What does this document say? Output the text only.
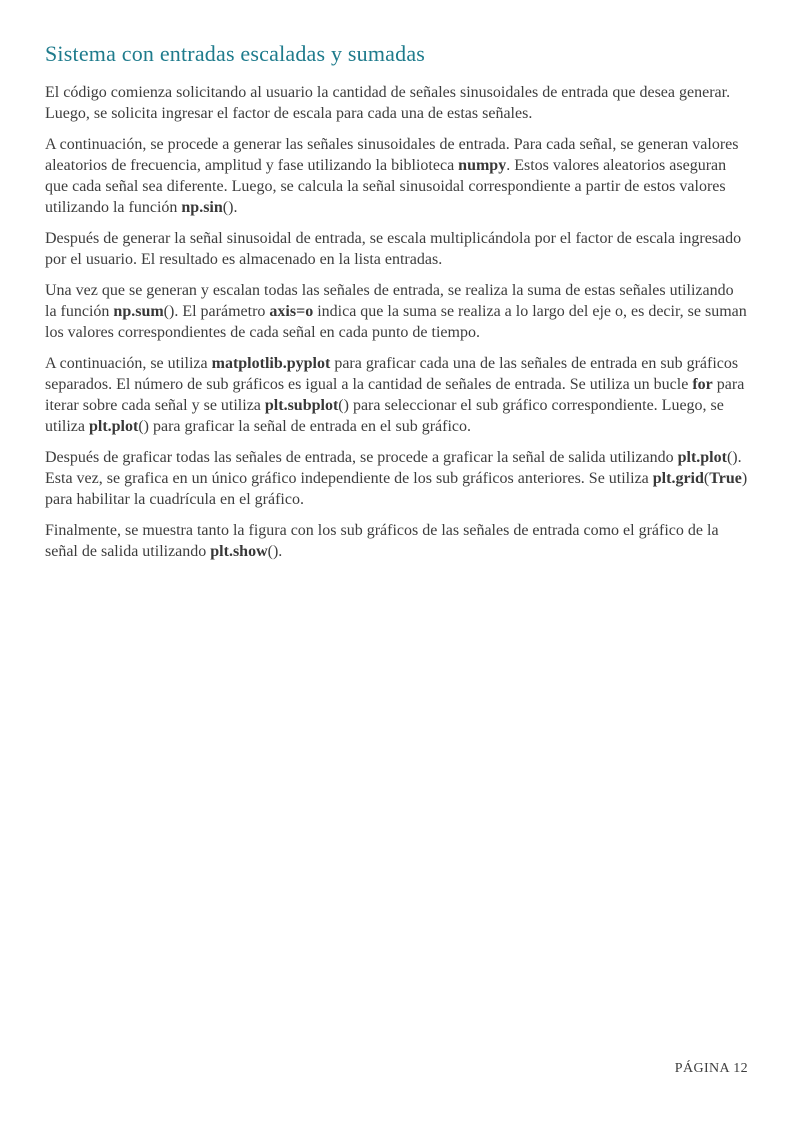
Sistema con entradas escaladas y sumadas

El código comienza solicitando al usuario la cantidad de señales sinusoidales de entrada que desea generar. Luego, se solicita ingresar el factor de escala para cada una de estas señales.

A continuación, se procede a generar las señales sinusoidales de entrada. Para cada señal, se generan valores aleatorios de frecuencia, amplitud y fase utilizando la biblioteca numpy. Estos valores aleatorios aseguran que cada señal sea diferente. Luego, se calcula la señal sinusoidal correspondiente a partir de estos valores utilizando la función np.sin().

Después de generar la señal sinusoidal de entrada, se escala multiplicándola por el factor de escala ingresado por el usuario. El resultado es almacenado en la lista entradas.

Una vez que se generan y escalan todas las señales de entrada, se realiza la suma de estas señales utilizando la función np.sum(). El parámetro axis=o indica que la suma se realiza a lo largo del eje o, es decir, se suman los valores correspondientes de cada señal en cada punto de tiempo.

A continuación, se utiliza matplotlib.pyplot para graficar cada una de las señales de entrada en sub gráficos separados. El número de sub gráficos es igual a la cantidad de señales de entrada. Se utiliza un bucle for para iterar sobre cada señal y se utiliza plt.subplot() para seleccionar el sub gráfico correspondiente. Luego, se utiliza plt.plot() para graficar la señal de entrada en el sub gráfico.

Después de graficar todas las señales de entrada, se procede a graficar la señal de salida utilizando plt.plot(). Esta vez, se grafica en un único gráfico independiente de los sub gráficos anteriores. Se utiliza plt.grid(True) para habilitar la cuadrícula en el gráfico.

Finalmente, se muestra tanto la figura con los sub gráficos de las señales de entrada como el gráfico de la señal de salida utilizando plt.show().

PÁGINA 12
